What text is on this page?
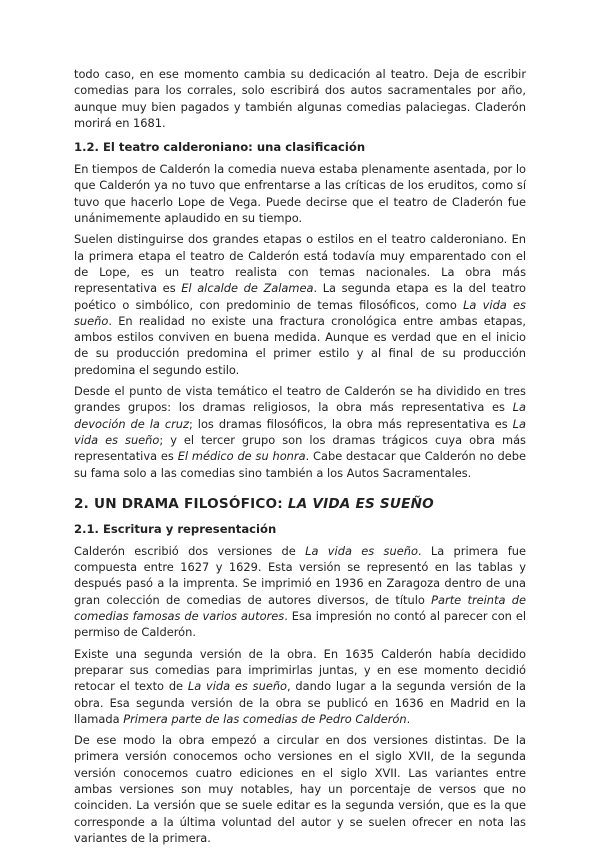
todo caso, en ese momento cambia su dedicación al teatro. Deja de escribir comedias para los corrales, solo escribirá dos autos sacramentales por año, aunque muy bien pagados y también algunas comedias palaciegas. Claderón morirá en 1681.

1.2. El teatro calderoniano: una clasificación

En tiempos de Calderón la comedia nueva estaba plenamente asentada, por lo que Calderón ya no tuvo que enfrentarse a las críticas de los eruditos, como sí tuvo que hacerlo Lope de Vega. Puede decirse que el teatro de Claderón fue unánimemente aplaudido en su tiempo.

Suelen distinguirse dos grandes etapas o estilos en el teatro calderoniano. En la primera etapa el teatro de Calderón está todavía muy emparentado con el de Lope, es un teatro realista con temas nacionales. La obra más representativa es El alcalde de Zalamea. La segunda etapa es la del teatro poético o simbólico, con predominio de temas filosóficos, como La vida es sueño. En realidad no existe una fractura cronológica entre ambas etapas, ambos estilos conviven en buena medida. Aunque es verdad que en el inicio de su producción predomina el primer estilo y al final de su producción predomina el segundo estilo.

Desde el punto de vista temático el teatro de Calderón se ha dividido en tres grandes grupos: los dramas religiosos, la obra más representativa es La devoción de la cruz; los dramas filosóficos, la obra más representativa es La vida es sueño; y el tercer grupo son los dramas trágicos cuya obra más representativa es El médico de su honra. Cabe destacar que Calderón no debe su fama solo a las comedias sino también a los Autos Sacramentales.

2. UN DRAMA FILOSÓFICO: LA VIDA ES SUEÑO
2.1. Escritura y representación

Calderón escribió dos versiones de La vida es sueño. La primera fue compuesta entre 1627 y 1629. Esta versión se representó en las tablas y después pasó a la imprenta. Se imprimió en 1936 en Zaragoza dentro de una gran colección de comedias de autores diversos, de título Parte treinta de comedias famosas de varios autores. Esa impresión no contó al parecer con el permiso de Calderón.

Existe una segunda versión de la obra. En 1635 Calderón había decidido preparar sus comedias para imprimirlas juntas, y en ese momento decidió retocar el texto de La vida es sueño, dando lugar a la segunda versión de la obra. Esa segunda versión de la obra se publicó en 1636 en Madrid en la llamada Primera parte de las comedias de Pedro Calderón.

De ese modo la obra empezó a circular en dos versiones distintas. De la primera versión conocemos ocho versiones en el siglo XVII, de la segunda versión conocemos cuatro ediciones en el siglo XVII. Las variantes entre ambas versiones son muy notables, hay un porcentaje de versos que no coinciden. La versión que se suele editar es la segunda versión, que es la que corresponde a la última voluntad del autor y se suelen ofrecer en nota las variantes de la primera.
